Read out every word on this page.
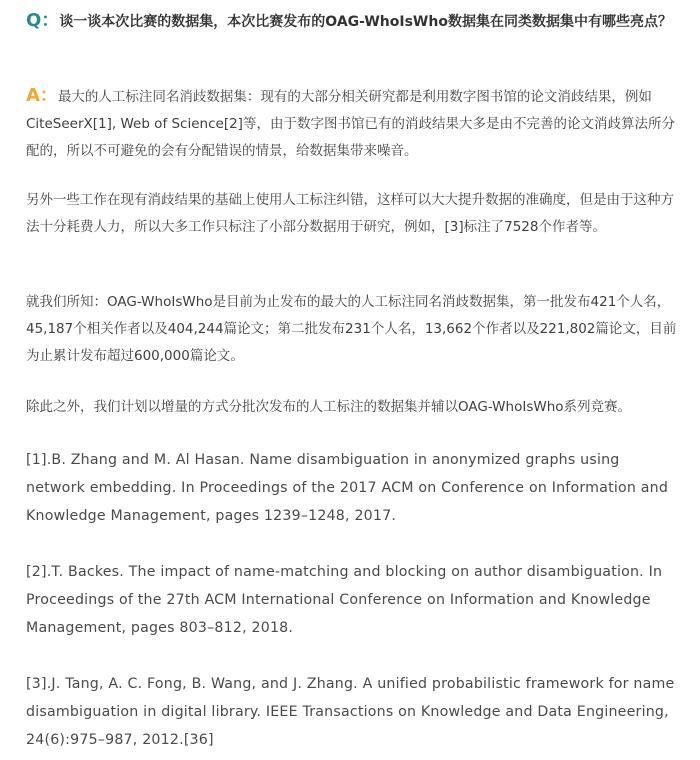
Q：谈一谈本次比赛的数据集，本次比赛发布的OAG-WhoIsWho数据集在同类数据集中有哪些亮点？

A：最大的人工标注同名消歧数据集：现有的大部分相关研究都是利用数字图书馆的论文消歧结果，例如CiteSeerX[1], Web of Science[2]等，由于数字图书馆已有的消歧结果大多是由不完善的论文消歧算法所分配的，所以不可避免的会有分配错误的情景，给数据集带来噪音。

另外一些工作在现有消歧结果的基础上使用人工标注纠错，这样可以大大提升数据的准确度，但是由于这种方法十分耗费人力，所以大多工作只标注了小部分数据用于研究，例如，[3]标注了7528个作者等。

就我们所知：OAG-WhoIsWho是目前为止发布的最大的人工标注同名消歧数据集，第一批发布421个人名， 45,187个相关作者以及404,244篇论文；第二批发布231个人名，13,662个作者以及221,802篇论文，目前为止累计发布超过600,000篇论文。

除此之外，我们计划以增量的方式分批次发布的人工标注的数据集并辅以OAG-WhoIsWho系列竞赛。

[1].B. Zhang and M. Al Hasan. Name disambiguation in anonymized graphs using network embedding. In Proceedings of the 2017 ACM on Conference on Information and Knowledge Management, pages 1239–1248, 2017.

[2].T. Backes. The impact of name-matching and blocking on author disambiguation. In Proceedings of the 27th ACM International Conference on Information and Knowledge Management, pages 803–812, 2018.

[3].J. Tang, A. C. Fong, B. Wang, and J. Zhang. A unified probabilistic framework for name disambiguation in digital library. IEEE Transactions on Knowledge and Data Engineering, 24(6):975–987, 2012.[36]
